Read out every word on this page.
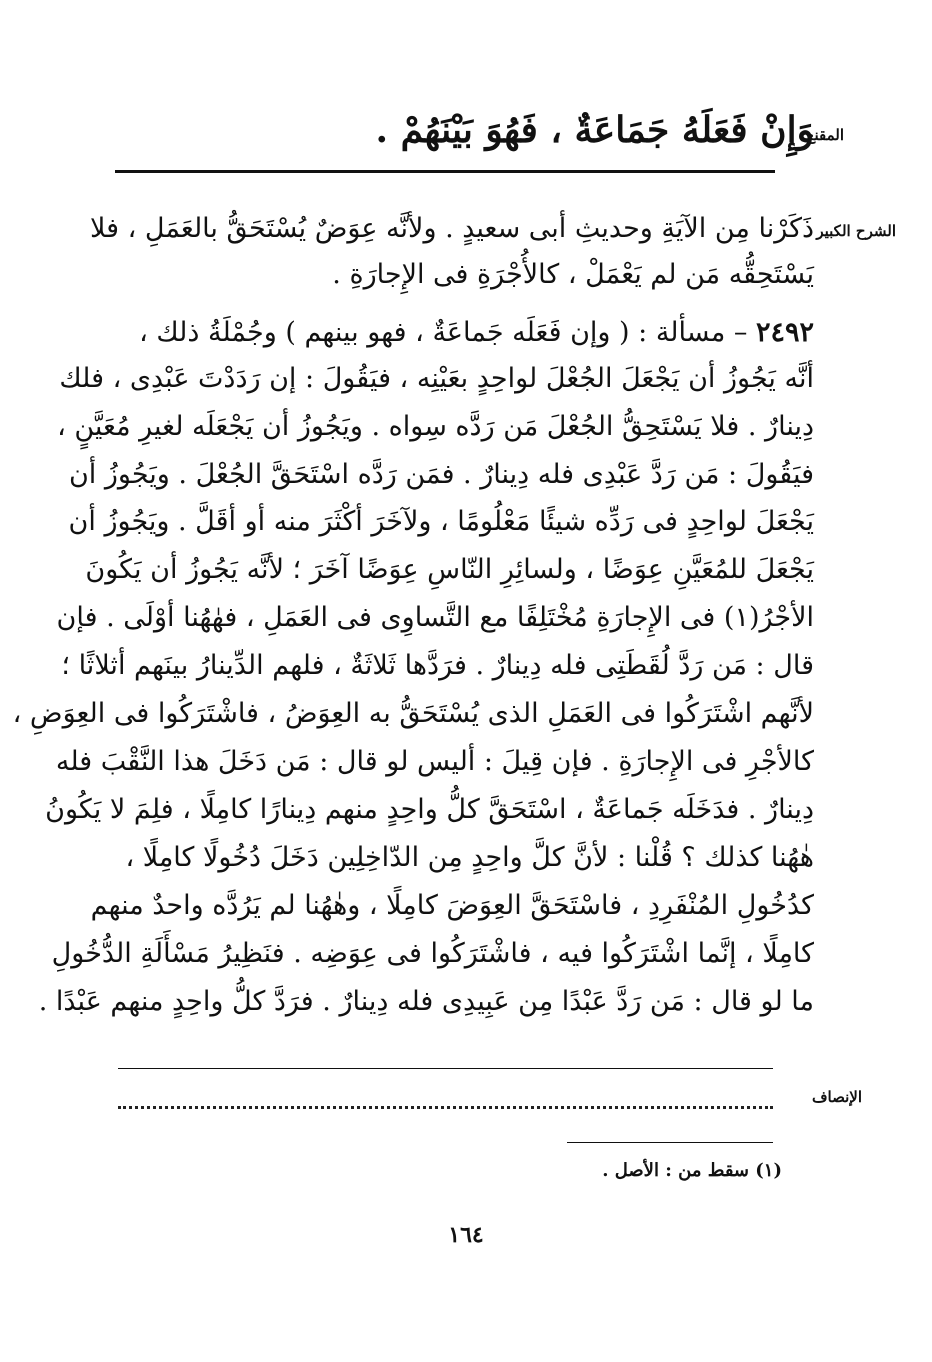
المقنع
وَإِنْ فَعَلَهُ جَمَاعَةٌ ، فَهُوَ بَيْنَهُمْ .
الشرح الكبير
ذَكَرْنا مِن الآيَةِ وحديثِ أبى سعيدٍ . ولأنَّه عِوَضٌ يُسْتَحَقُّ بالعَمَلِ ، فلا
يَسْتَحِقُّه مَن لم يَعْمَلْ ، كالأُجْرَةِ فى الإِجارَةِ .
٢٤٩٢ – مسألة : ( وإن فَعَلَه جَماعَةٌ ، فهو بينهم ) وجُمْلَةُ ذلك ،
أنَّه يَجُوزُ أن يَجْعَلَ الجُعْلَ لواحِدٍ بعَيْنِه ، فيَقُولَ : إن رَدَدْتَ عَبْدِى ، فلك
دِينارٌ . فلا يَسْتَحِقُّ الجُعْلَ مَن رَدَّه سِواه . ويَجُوزُ أن يَجْعَلَه لغيرِ مُعَيَّنٍ ،
فيَقُولَ : مَن رَدَّ عَبْدِى فله دِينارٌ . فمَن رَدَّه اسْتَحَقَّ الجُعْلَ . ويَجُوزُ أن
يَجْعَلَ لواحِدٍ فى رَدِّه شيئًا مَعْلُومًا ، ولآخَرَ أكْثَرَ منه أو أقَلَّ . ويَجُوزُ أن
يَجْعَلَ للمُعَيَّنِ عِوَضًا ، ولسائِرِ النّاسِ عِوَضًا آخَرَ ؛ لأنَّه يَجُوزُ أن يَكُونَ
الأجْرُ(١) فى الإِجارَةِ مُخْتَلِفًا مع التَّساوِى فى العَمَلِ ، فهٰهُنا أوْلَى . فإن
قال : مَن رَدَّ لُقَطَتِى فله دِينارٌ . فرَدَّها ثَلاثَةٌ ، فلهم الدِّينارُ بينَهم أثلاثًا ؛
لأنَّهم اشْتَرَكُوا فى العَمَلِ الذى يُسْتَحَقُّ به العِوَضُ ، فاشْتَرَكُوا فى العِوَضِ ،
كالأجْرِ فى الإِجارَةِ . فإن قِيلَ : أليس لو قال : مَن دَخَلَ هذا النَّقْبَ فله
دِينارٌ . فدَخَلَه جَماعَةٌ ، اسْتَحَقَّ كلُّ واحِدٍ منهم دِينارًا كامِلًا ، فلِمَ لا يَكُونُ
هٰهُنا كذلك ؟ قُلْنا : لأنَّ كلَّ واحِدٍ مِن الدّاخِلِين دَخَلَ دُخُولًا كامِلًا ،
كدُخُولِ المُنْفَرِدِ ، فاسْتَحَقَّ العِوَضَ كامِلًا ، وهٰهُنا لم يَرُدَّه واحدٌ منهم
كامِلًا ، إنَّما اشْتَرَكُوا فيه ، فاشْتَرَكُوا فى عِوَضِه . فنَظِيرُ مَسْأَلَةِ الدُّخُولِ
ما لو قال : مَن رَدَّ عَبْدًا مِن عَبِيدِى فله دِينارٌ . فرَدَّ كلُّ واحِدٍ منهم عَبْدًا .
الإنصاف
(١) سقط من : الأصل .
١٦٤
